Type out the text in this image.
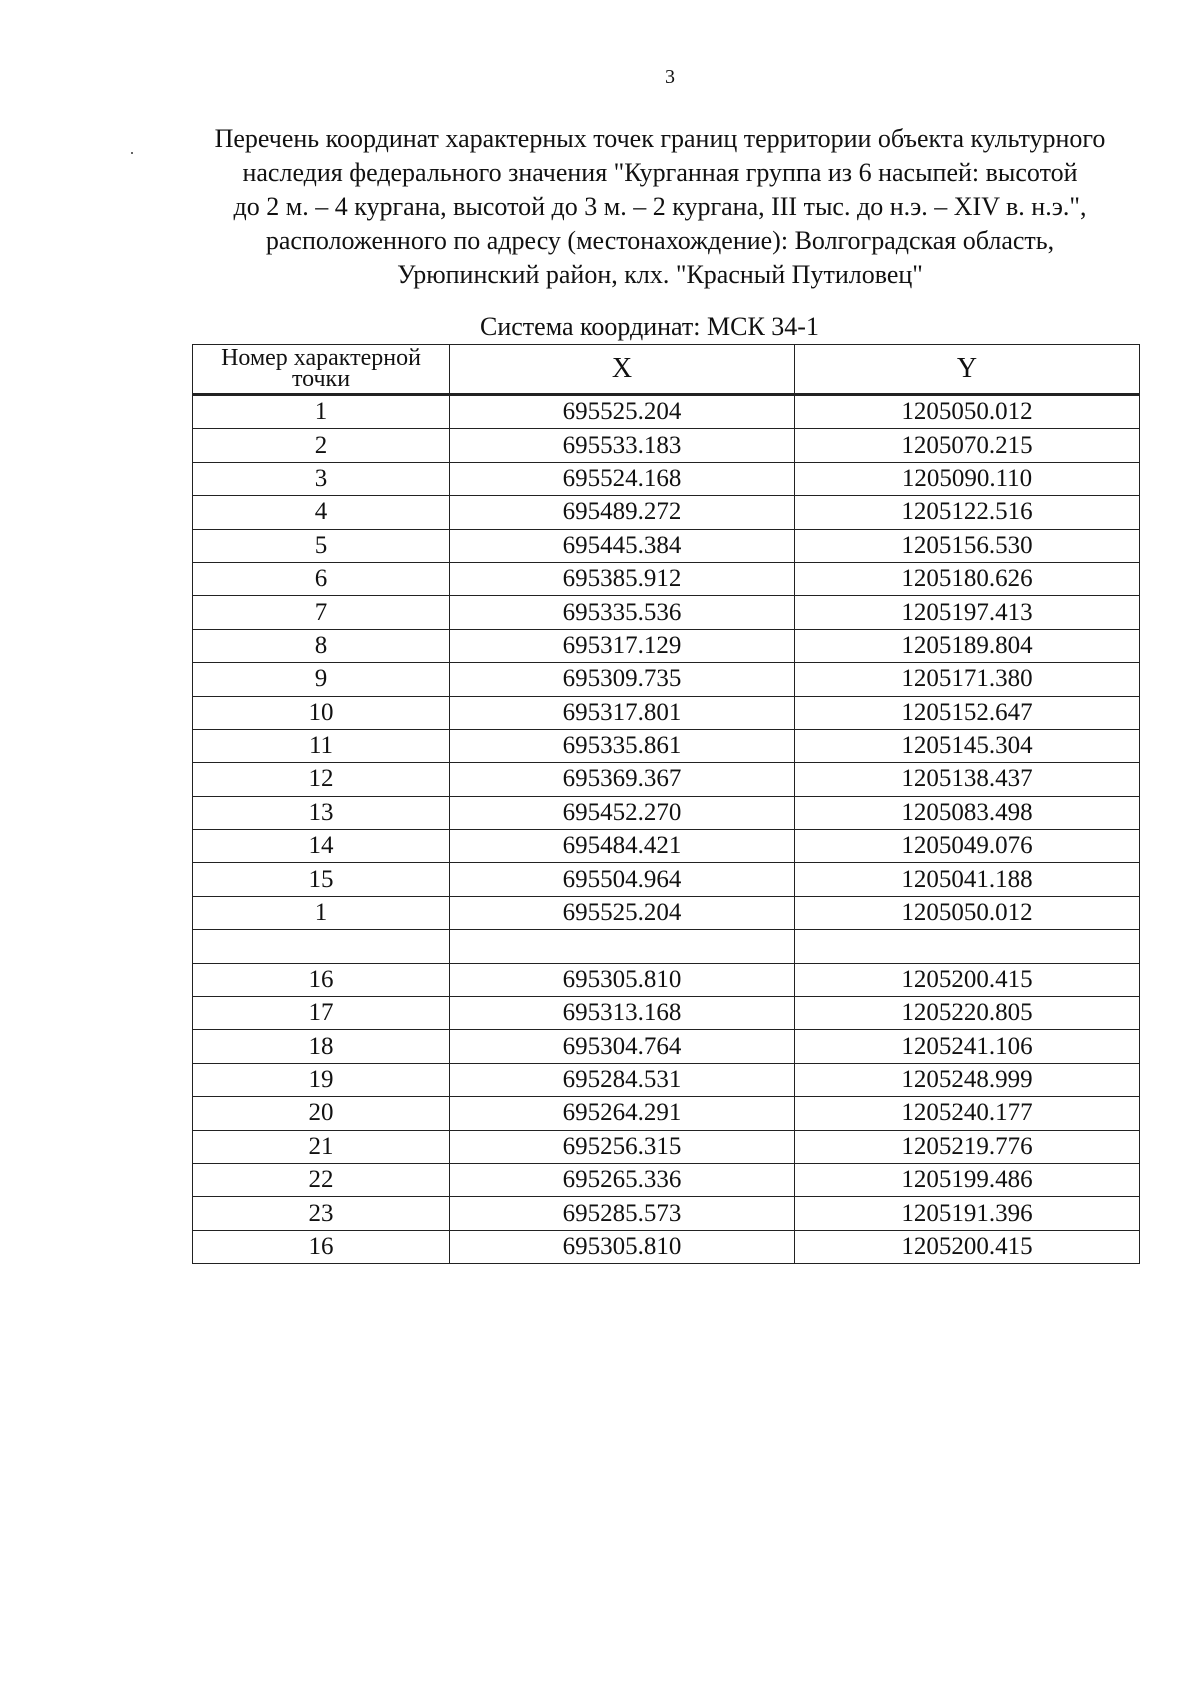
3
Перечень координат характерных точек границ территории объекта культурного
наследия федерального значения "Курганная группа из 6 насыпей: высотой
до 2 м. – 4 кургана, высотой до 3 м. – 2 кургана, III тыс. до н.э. – XIV в. н.э.",
расположенного по адресу (местонахождение): Волгоградская область,
Урюпинский район, клх. "Красный Путиловец"
Система координат: МСК 34-1
Номер характерной
точки	X	Y
1	695525.204	1205050.012
2	695533.183	1205070.215
3	695524.168	1205090.110
4	695489.272	1205122.516
5	695445.384	1205156.530
6	695385.912	1205180.626
7	695335.536	1205197.413
8	695317.129	1205189.804
9	695309.735	1205171.380
10	695317.801	1205152.647
11	695335.861	1205145.304
12	695369.367	1205138.437
13	695452.270	1205083.498
14	695484.421	1205049.076
15	695504.964	1205041.188
1	695525.204	1205050.012

16	695305.810	1205200.415
17	695313.168	1205220.805
18	695304.764	1205241.106
19	695284.531	1205248.999
20	695264.291	1205240.177
21	695256.315	1205219.776
22	695265.336	1205199.486
23	695285.573	1205191.396
16	695305.810	1205200.415
